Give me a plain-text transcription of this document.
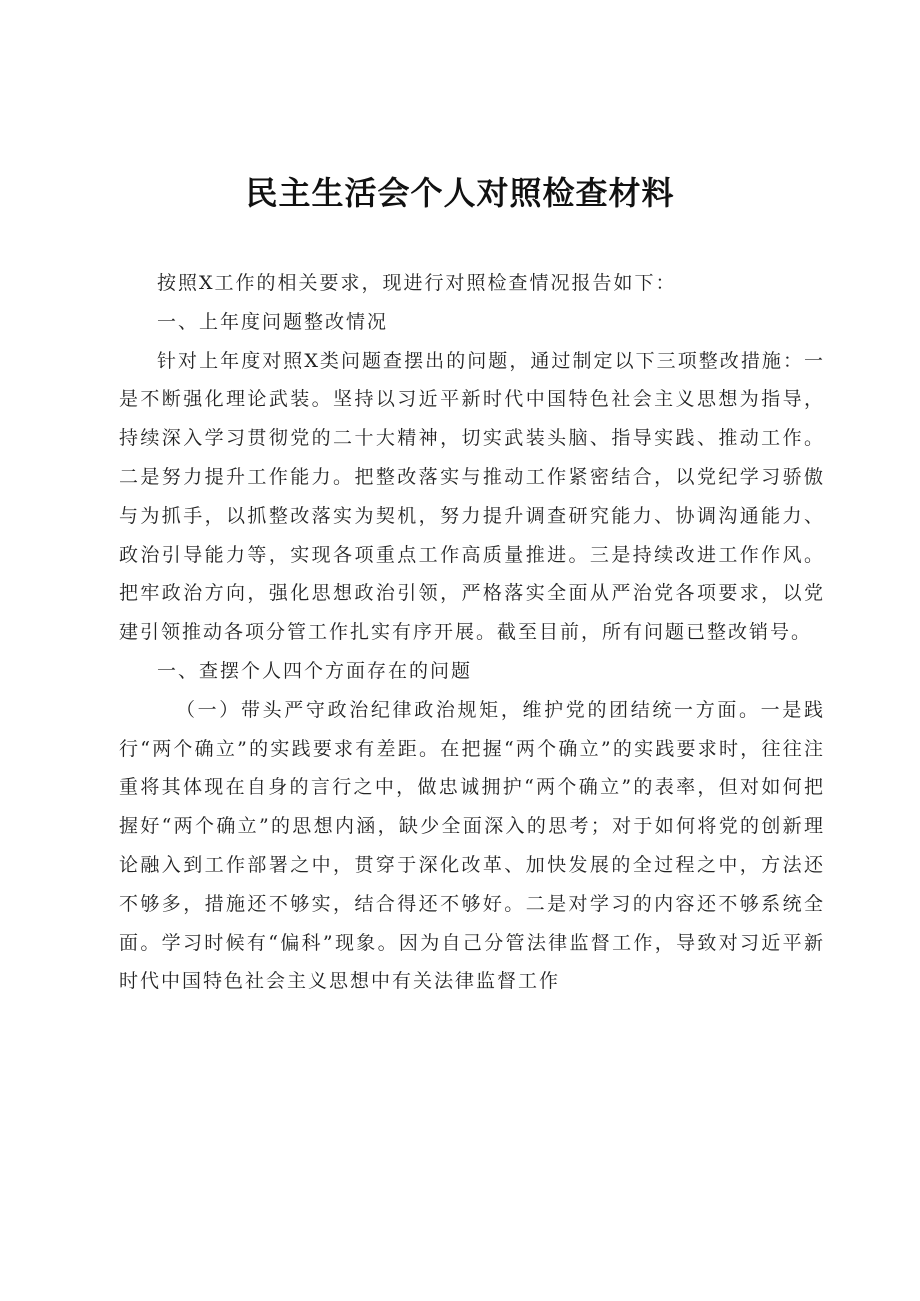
民主生活会个人对照检查材料

按照X工作的相关要求，现进行对照检查情况报告如下：

一、上年度问题整改情况

针对上年度对照X类问题查摆出的问题，通过制定以下三项整改措施：一是不断强化理论武装。坚持以习近平新时代中国特色社会主义思想为指导，持续深入学习贯彻党的二十大精神，切实武装头脑、指导实践、推动工作。二是努力提升工作能力。把整改落实与推动工作紧密结合，以党纪学习骄傲与为抓手，以抓整改落实为契机，努力提升调查研究能力、协调沟通能力、政治引导能力等，实现各项重点工作高质量推进。三是持续改进工作作风。把牢政治方向，强化思想政治引领，严格落实全面从严治党各项要求，以党建引领推动各项分管工作扎实有序开展。截至目前，所有问题已整改销号。

一、查摆个人四个方面存在的问题

（一）带头严守政治纪律政治规矩，维护党的团结统一方面。一是践行“两个确立”的实践要求有差距。在把握“两个确立”的实践要求时，往往注重将其体现在自身的言行之中，做忠诚拥护“两个确立”的表率，但对如何把握好“两个确立”的思想内涵，缺少全面深入的思考；对于如何将党的创新理论融入到工作部署之中，贯穿于深化改革、加快发展的全过程之中，方法还不够多，措施还不够实，结合得还不够好。二是对学习的内容还不够系统全面。学习时候有“偏科”现象。因为自己分管法律监督工作，导致对习近平新时代中国特色社会主义思想中有关法律监督工作
